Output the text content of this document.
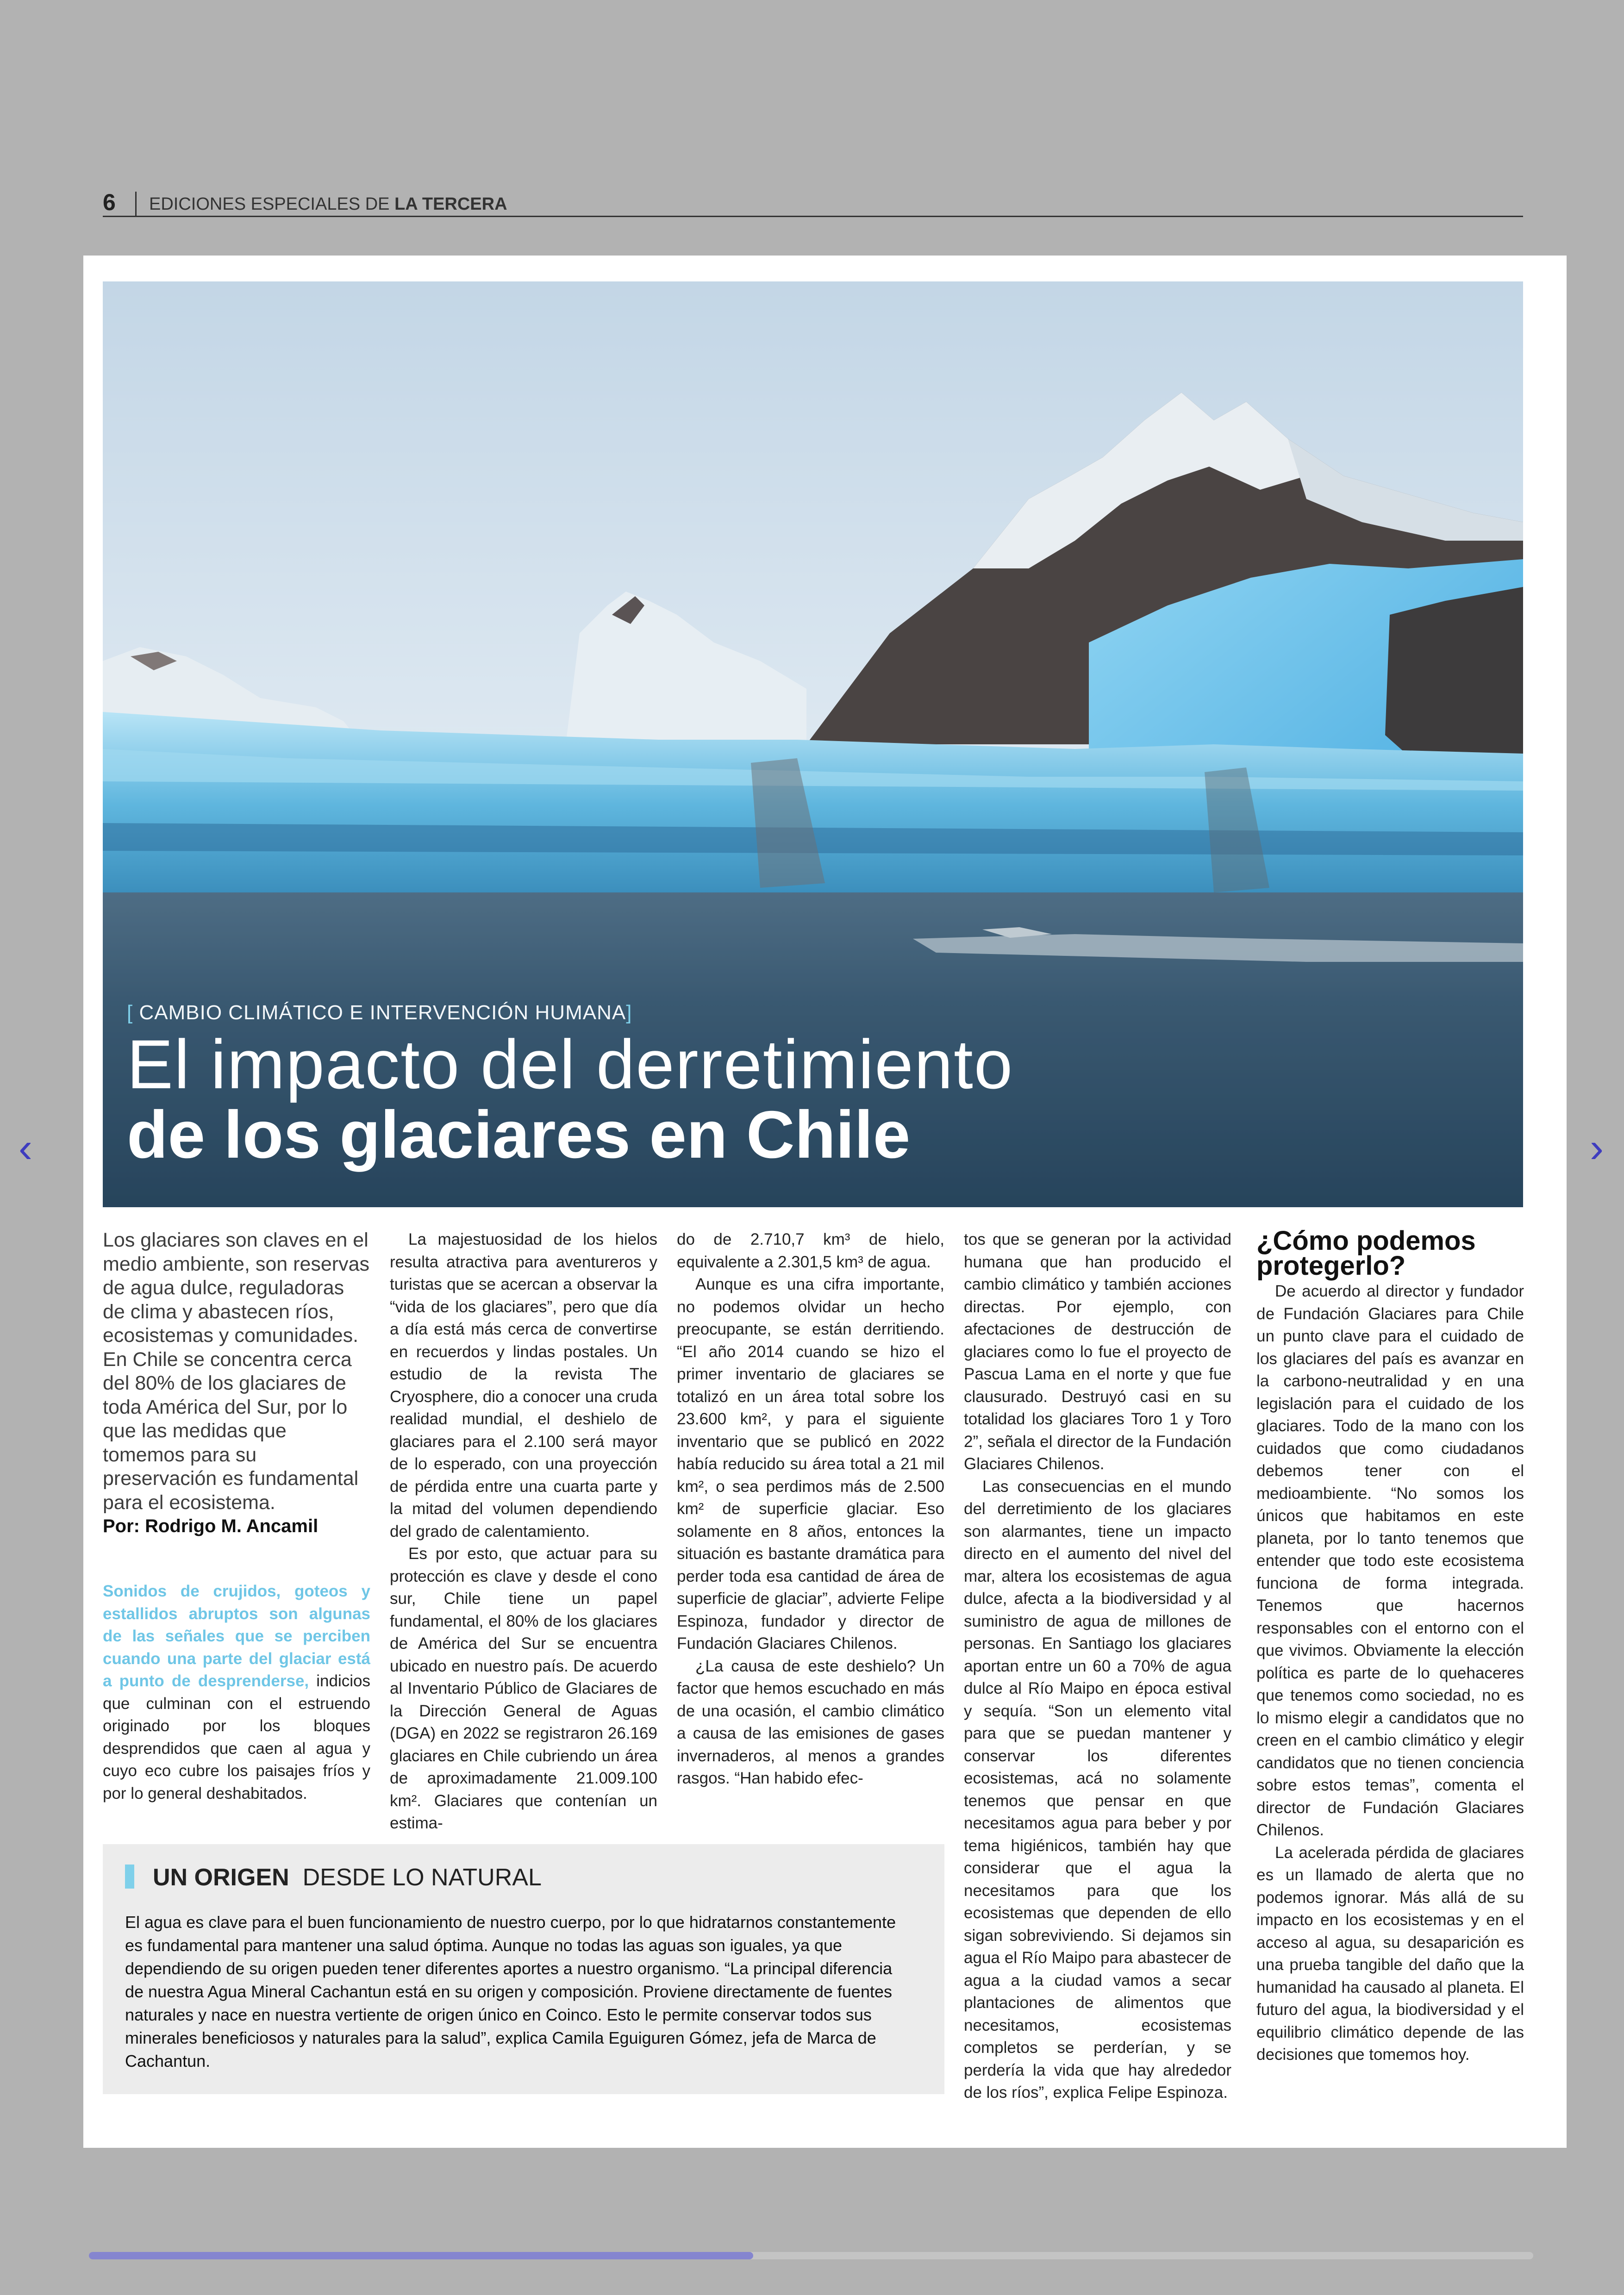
6 EDICIONES ESPECIALES DE LA TERCERA
[ CAMBIO CLIMÁTICO E INTERVENCIÓN HUMANA]
El impacto del derretimiento
de los glaciares en Chile

Los glaciares son claves en el medio ambiente, son reservas de agua dulce, reguladoras de clima y abastecen ríos, ecosistemas y comunidades. En Chile se concentra cerca del 80% de los glaciares de toda América del Sur, por lo que las medidas que tomemos para su preservación es fundamental para el ecosistema.

Por: Rodrigo M. Ancamil

Sonidos de crujidos, goteos y estallidos abruptos son algunas de las señales que se perciben cuando una parte del glaciar está a punto de desprenderse, indicios que culminan con el estruendo originado por los bloques desprendidos que caen al agua y cuyo eco cubre los paisajes fríos y por lo general deshabitados.

La majestuosidad de los hielos resulta atractiva para aventureros y turistas que se acercan a observar la “vida de los glaciares”, pero que día a día está más cerca de convertirse en recuerdos y lindas postales. Un estudio de la revista The Cryosphere, dio a conocer una cruda realidad mundial, el deshielo de glaciares para el 2.100 será mayor de lo esperado, con una proyección de pérdida entre una cuarta parte y la mitad del volumen dependiendo del grado de calentamiento.

Es por esto, que actuar para su protección es clave y desde el cono sur, Chile tiene un papel fundamental, el 80% de los glaciares de América del Sur se encuentra ubicado en nuestro país. De acuerdo al Inventario Público de Glaciares de la Dirección General de Aguas (DGA) en 2022 se registraron 26.169 glaciares en Chile cubriendo un área de aproximadamente 21.009.100 km². Glaciares que contenían un estima-

do de 2.710,7 km³ de hielo, equivalente a 2.301,5 km³ de agua.

Aunque es una cifra importante, no podemos olvidar un hecho preocupante, se están derritiendo. “El año 2014 cuando se hizo el primer inventario de glaciares se totalizó en un área total sobre los 23.600 km², y para el siguiente inventario que se publicó en 2022 había reducido su área total a 21 mil km², o sea perdimos más de 2.500 km² de superficie glaciar. Eso solamente en 8 años, entonces la situación es bastante dramática para perder toda esa cantidad de área de superficie de glaciar”, advierte Felipe Espinoza, fundador y director de Fundación Glaciares Chilenos.

¿La causa de este deshielo? Un factor que hemos escuchado en más de una ocasión, el cambio climático a causa de las emisiones de gases invernaderos, al menos a grandes rasgos. “Han habido efec-

tos que se generan por la actividad humana que han producido el cambio climático y también acciones directas. Por ejemplo, con afectaciones de destrucción de glaciares como lo fue el proyecto de Pascua Lama en el norte y que fue clausurado. Destruyó casi en su totalidad los glaciares Toro 1 y Toro 2”, señala el director de la Fundación Glaciares Chilenos.

Las consecuencias en el mundo del derretimiento de los glaciares son alarmantes, tiene un impacto directo en el aumento del nivel del mar, altera los ecosistemas de agua dulce, afecta a la biodiversidad y al suministro de agua de millones de personas. En Santiago los glaciares aportan entre un 60 a 70% de agua dulce al Río Maipo en época estival y sequía. “Son un elemento vital para que se puedan mantener y conservar los diferentes ecosistemas, acá no solamente tenemos que pensar en que necesitamos agua para beber y por tema higiénicos, también hay que considerar que el agua la necesitamos para que los ecosistemas que dependen de ello sigan sobreviviendo. Si dejamos sin agua el Río Maipo para abastecer de agua a la ciudad vamos a secar plantaciones de alimentos que necesitamos, ecosistemas completos se perderían, y se perdería la vida que hay alrededor de los ríos”, explica Felipe Espinoza.

¿Cómo podemos protegerlo?

De acuerdo al director y fundador de Fundación Glaciares para Chile un punto clave para el cuidado de los glaciares del país es avanzar en la carbono-neutralidad y en una legislación para el cuidado de los glaciares. Todo de la mano con los cuidados que como ciudadanos debemos tener con el medioambiente. “No somos los únicos que habitamos en este planeta, por lo tanto tenemos que entender que todo este ecosistema funciona de forma integrada. Tenemos que hacernos responsables con el entorno con el que vivimos. Obviamente la elección política es parte de lo quehaceres que tenemos como sociedad, no es lo mismo elegir a candidatos que no creen en el cambio climático y elegir candidatos que no tienen conciencia sobre estos temas”, comenta el director de Fundación Glaciares Chilenos.

La acelerada pérdida de glaciares es un llamado de alerta que no podemos ignorar. Más allá de su impacto en los ecosistemas y en el acceso al agua, su desaparición es una prueba tangible del daño que la humanidad ha causado al planeta. El futuro del agua, la biodiversidad y el equilibrio climático depende de las decisiones que tomemos hoy.

UN ORIGEN DESDE LO NATURAL

El agua es clave para el buen funcionamiento de nuestro cuerpo, por lo que hidratarnos constantemente es fundamental para mantener una salud óptima. Aunque no todas las aguas son iguales, ya que dependiendo de su origen pueden tener diferentes aportes a nuestro organismo. “La principal diferencia de nuestra Agua Mineral Cachantun está en su origen y composición. Proviene directamente de fuentes naturales y nace en nuestra vertiente de origen único en Coinco. Esto le permite conservar todos sus minerales beneficiosos y naturales para la salud”, explica Camila Eguiguren Gómez, jefa de Marca de Cachantun.

‹	›
